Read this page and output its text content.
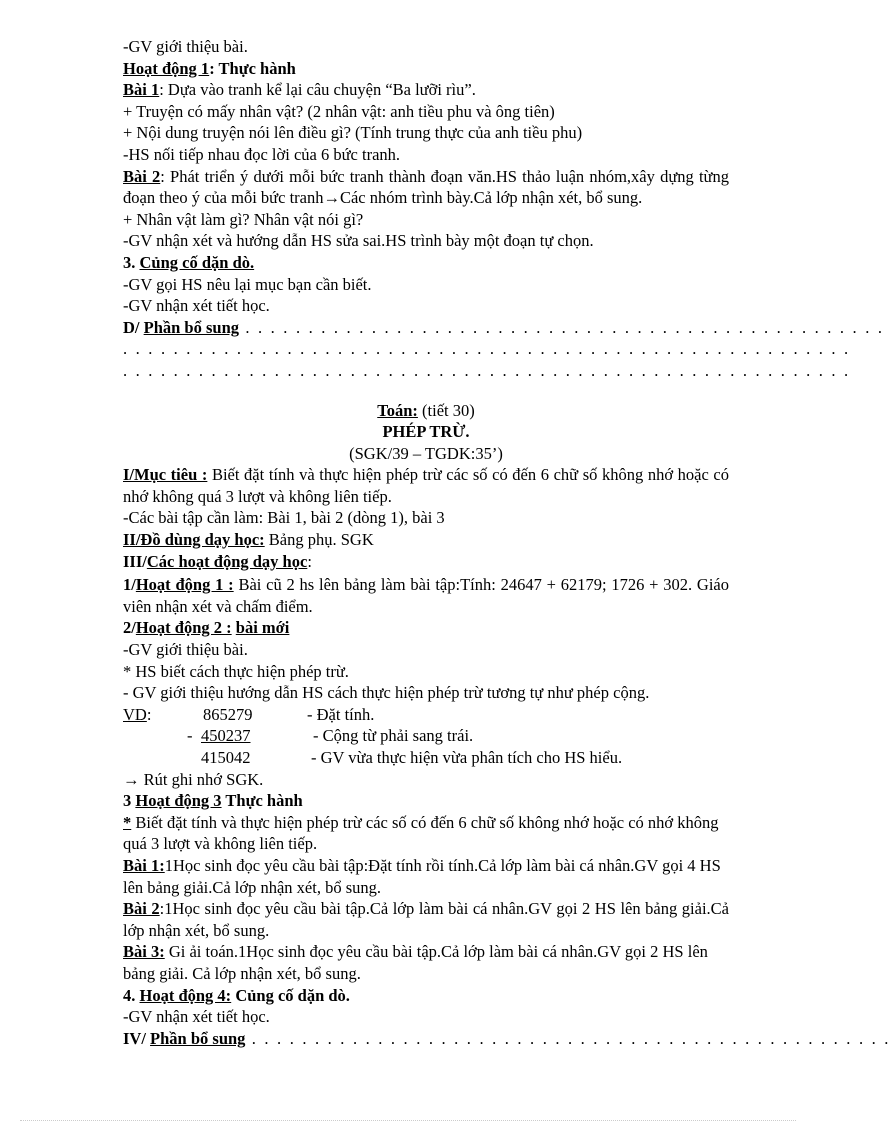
-GV giới thiệu bài.
Hoạt động 1: Thực hành
Bài 1: Dựa vào tranh kể lại câu chuyện “Ba lưỡi rìu”.
+ Truyện có mấy nhân vật? (2 nhân vật: anh tiều phu và ông tiên)
+ Nội dung truyện nói lên điều gì? (Tính trung thực của anh tiều phu)
-HS nối tiếp nhau đọc lời của 6 bức tranh.
Bài 2: Phát triển ý dưới mỗi bức tranh thành đoạn văn.HS thảo luận nhóm,xây dựng từng đoạn theo ý của mỗi bức tranh→Các nhóm trình bày.Cả lớp nhận xét, bổ sung.
+ Nhân vật làm gì? Nhân vật nói gì?
-GV nhận xét và hướng dẫn HS sửa sai.HS trình bày một đoạn tự chọn.
3. Củng cố dặn dò.
-GV gọi HS nêu lại mục bạn cần biết.
-GV nhận xét tiết học.
D/ Phần bổ sung . . . . . . . . . . . . . . . . . . . . . . . . . . . . . . . . . . . . . . . . . . . . . . . . . . .
. . . . . . . . . . . . . . . . . . . . . . . . . . . . . . . . . . . . . . . . . . . . . . . . . . . . . . . . . .
. . . . . . . . . . . . . . . . . . . . . . . . . . . . . . . . . . . . . . . . . . . . . . . . . . . . . . . . . .
Toán: (tiết 30)
PHÉP TRỪ.
(SGK/39 – TGDK:35’)
I/Mục tiêu : Biết đặt tính và thực hiện phép trừ các số có đến 6 chữ số không nhớ hoặc có nhớ không quá 3 lượt và không liên tiếp.
-Các bài tập cần làm: Bài 1, bài 2 (dòng 1), bài 3
II/Đồ dùng dạy học: Bảng phụ. SGK
III/Các hoạt động dạy học:
1/Hoạt động 1 : Bài cũ 2 hs lên bảng làm bài tập:Tính: 24647 + 62179; 1726 + 302. Giáo viên nhận xét và chấm điểm.
2/Hoạt động 2 : bài mới
-GV giới thiệu bài.
* HS biết cách thực hiện phép trừ.
- GV giới thiệu hướng dẫn HS cách thực hiện phép trừ tương tự như phép cộng.
VD:	865279	- Đặt tính.
- 450237	- Cộng từ phải sang trái.
415042	- GV vừa thực hiện vừa phân tích cho HS hiểu.
→ Rút ghi nhớ SGK.
3 Hoạt động 3 Thực hành
* Biết đặt tính và thực hiện phép trừ các số có đến 6 chữ số không nhớ hoặc có nhớ không quá 3 lượt và không liên tiếp.
Bài 1:1Học sinh đọc yêu cầu bài tập:Đặt tính rồi tính.Cả lớp làm bài cá nhân.GV gọi 4 HS lên bảng giải.Cả lớp nhận xét, bổ sung.
Bài 2:1Học sinh đọc yêu cầu bài tập.Cả lớp làm bài cá nhân.GV gọi 2 HS lên bảng giải.Cả lớp nhận xét, bổ sung.
Bài 3: Gi ải toán.1Học sinh đọc yêu cầu bài tập.Cả lớp làm bài cá nhân.GV gọi 2 HS lên bảng giải. Cả lớp nhận xét, bổ sung.
4. Hoạt động 4: Củng cố dặn dò.
-GV nhận xét tiết học.
IV/ Phần bổ sung . . . . . . . . . . . . . . . . . . . . . . . . . . . . . . . . . . . . . . . . . . . . . . . . . . .
